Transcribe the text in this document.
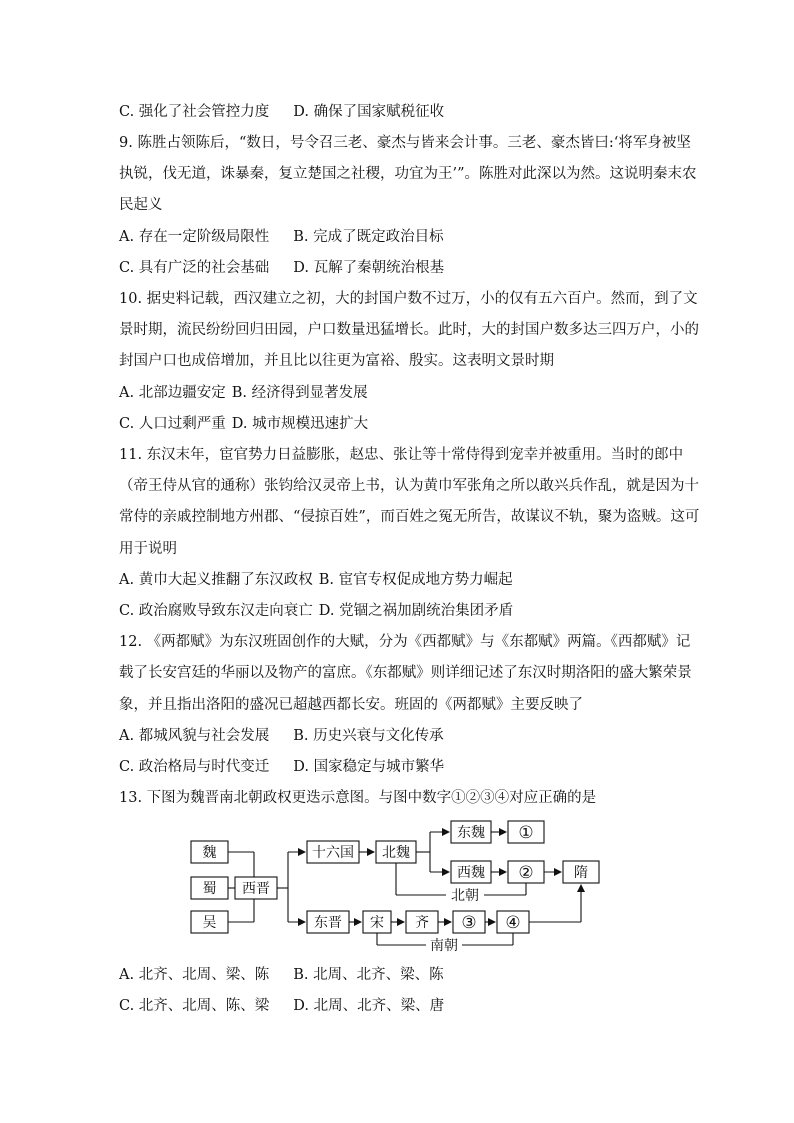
C. 强化了社会管控力度 D. 确保了国家赋税征收
9. 陈胜占领陈后，“数日，号令召三老、豪杰与皆来会计事。三老、豪杰皆曰:‘将军身被坚
执锐，伐无道，诛暴秦，复立楚国之社稷，功宜为王’”。陈胜对此深以为然。这说明秦末农
民起义
A. 存在一定阶级局限性 B. 完成了既定政治目标
C. 具有广泛的社会基础 D. 瓦解了秦朝统治根基
10. 据史料记载，西汉建立之初，大的封国户数不过万，小的仅有五六百户。然而，到了文
景时期，流民纷纷回归田园，户口数量迅猛增长。此时，大的封国户数多达三四万户，小的
封国户口也成倍增加，并且比以往更为富裕、殷实。这表明文景时期
A. 北部边疆安定 B. 经济得到显著发展
C. 人口过剩严重 D. 城市规模迅速扩大
11. 东汉末年，宦官势力日益膨胀，赵忠、张让等十常侍得到宠幸并被重用。当时的郎中
（帝王侍从官的通称）张钧给汉灵帝上书，认为黄巾军张角之所以敢兴兵作乱，就是因为十
常侍的亲戚控制地方州郡、“侵掠百姓”，而百姓之冤无所告，故谋议不轨，聚为盗贼。这可
用于说明
A. 黄巾大起义推翻了东汉政权 B. 宦官专权促成地方势力崛起
C. 政治腐败导致东汉走向衰亡 D. 党锢之祸加剧统治集团矛盾
12. 《两都赋》为东汉班固创作的大赋，分为《西都赋》与《东都赋》两篇。《西都赋》记
载了长安宫廷的华丽以及物产的富庶。《东都赋》则详细记述了东汉时期洛阳的盛大繁荣景
象，并且指出洛阳的盛况已超越西都长安。班固的《两都赋》主要反映了
A. 都城风貌与社会发展 B. 历史兴衰与文化传承
C. 政治格局与时代变迁 D. 国家稳定与城市繁华
13. 下图为魏晋南北朝政权更迭示意图。与图中数字①②③④对应正确的是
A. 北齐、北周、梁、陈 B. 北周、北齐、梁、陈
C. 北齐、北周、陈、梁 D. 北周、北齐、梁、唐
魏
蜀
吴
西晋
十六国 北魏
东魏 ①
西魏 ②	隋
北朝
东晋 宋 齐 ③ ④
南朝
